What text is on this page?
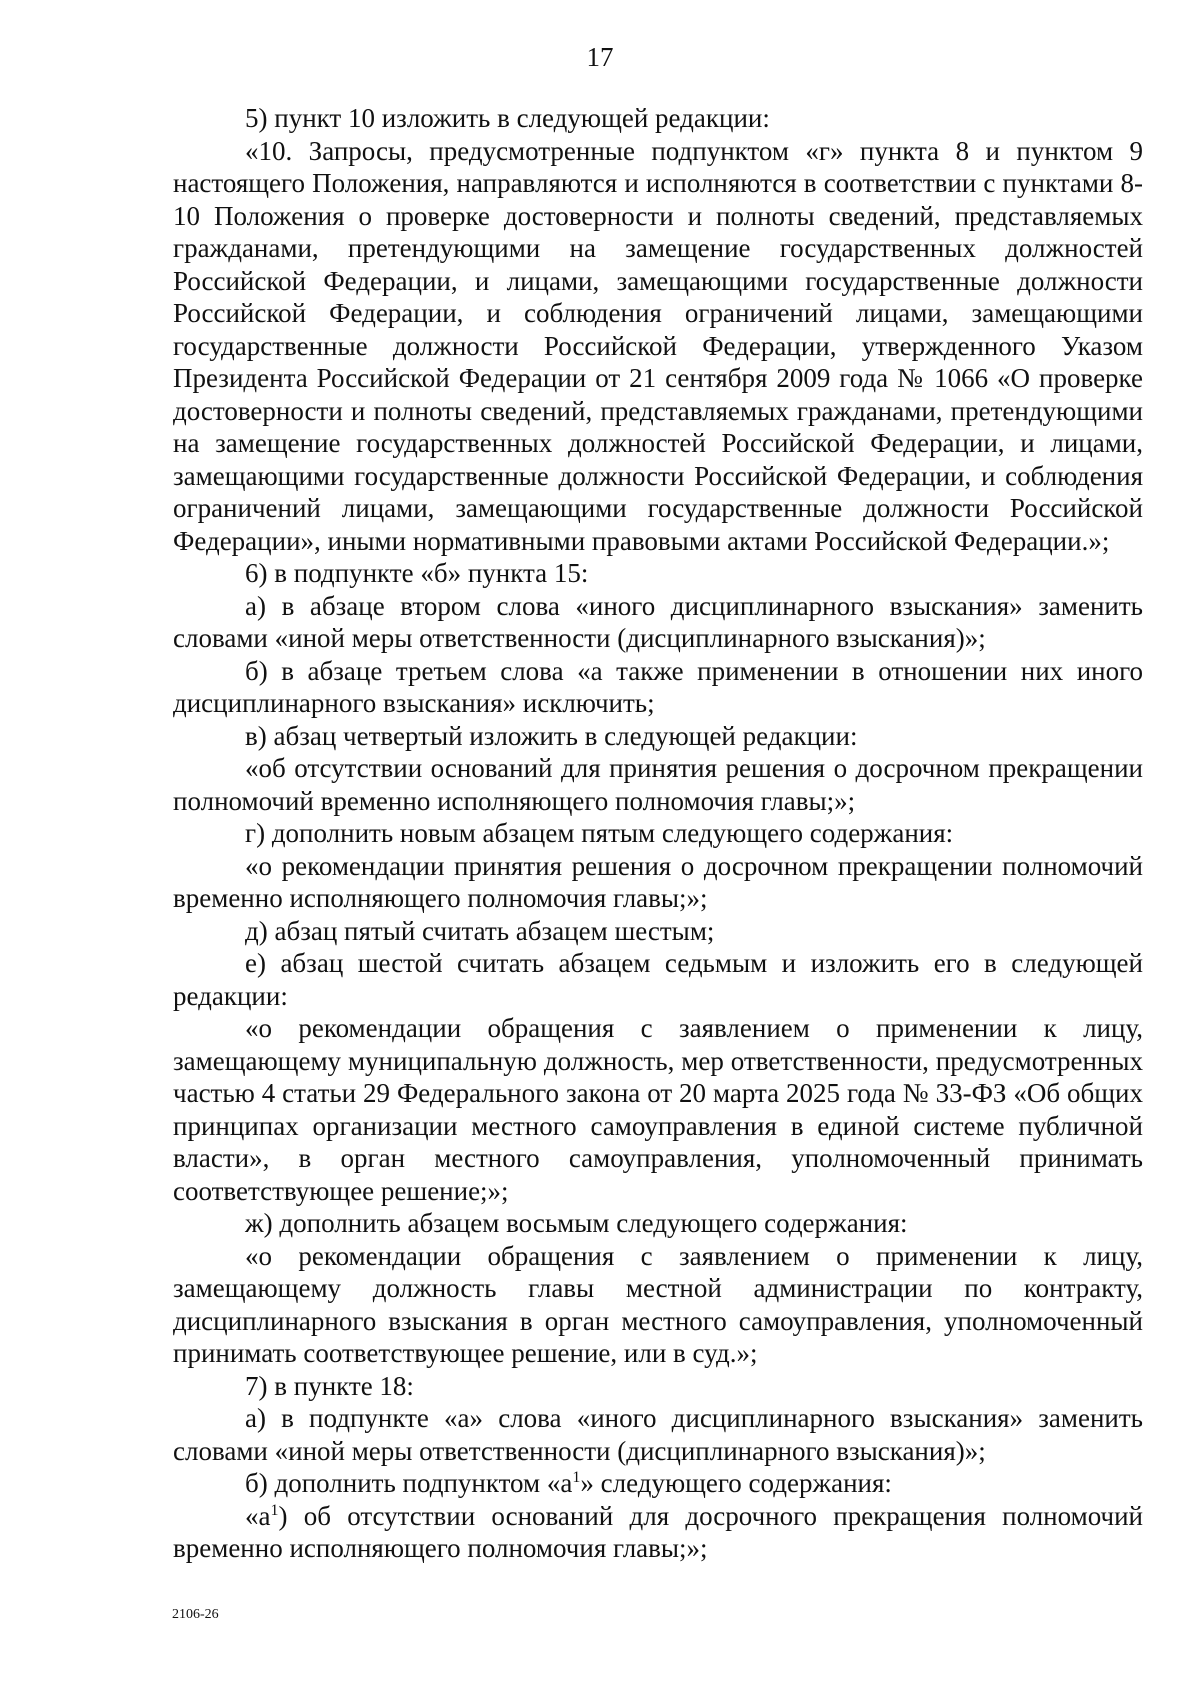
17

5) пункт 10 изложить в следующей редакции:

«10. Запросы, предусмотренные подпунктом «г» пункта 8 и пунктом 9 настоящего Положения, направляются и исполняются в соответствии с пунктами 8-10 Положения о проверке достоверности и полноты сведений, представляемых гражданами, претендующими на замещение государственных должностей Российской Федерации, и лицами, замещающими государственные должности Российской Федерации, и соблюдения ограничений лицами, замещающими государственные должности Российской Федерации, утвержденного Указом Президента Российской Федерации от 21 сентября 2009 года № 1066 «О проверке достоверности и полноты сведений, представляемых гражданами, претендующими на замещение государственных должностей Российской Федерации, и лицами, замещающими государственные должности Российской Федерации, и соблюдения ограничений лицами, замещающими государственные должности Российской Федерации», иными нормативными правовыми актами Российской Федерации.»;

6) в подпункте «б» пункта 15:

а) в абзаце втором слова «иного дисциплинарного взыскания» заменить словами «иной меры ответственности (дисциплинарного взыскания)»;

б) в абзаце третьем слова «а также применении в отношении них иного дисциплинарного взыскания» исключить;

в) абзац четвертый изложить в следующей редакции:

«об отсутствии оснований для принятия решения о досрочном прекращении полномочий временно исполняющего полномочия главы;»;

г) дополнить новым абзацем пятым следующего содержания:

«о рекомендации принятия решения о досрочном прекращении полномочий временно исполняющего полномочия главы;»;

д) абзац пятый считать абзацем шестым;

е) абзац шестой считать абзацем седьмым и изложить его в следующей редакции:

«о рекомендации обращения с заявлением о применении к лицу, замещающему муниципальную должность, мер ответственности, предусмотренных частью 4 статьи 29 Федерального закона от 20 марта 2025 года № 33-ФЗ «Об общих принципах организации местного самоуправления в единой системе публичной власти», в орган местного самоуправления, уполномоченный принимать соответствующее решение;»;

ж) дополнить абзацем восьмым следующего содержания:

«о рекомендации обращения с заявлением о применении к лицу, замещающему должность главы местной администрации по контракту, дисциплинарного взыскания в орган местного самоуправления, уполномоченный принимать соответствующее решение, или в суд.»;

7) в пункте 18:

а) в подпункте «а» слова «иного дисциплинарного взыскания» заменить словами «иной меры ответственности (дисциплинарного взыскания)»;

б) дополнить подпунктом «$а^1$» следующего содержания:

«$а^1$) об отсутствии оснований для досрочного прекращения полномочий временно исполняющего полномочия главы;»;

2106-26
